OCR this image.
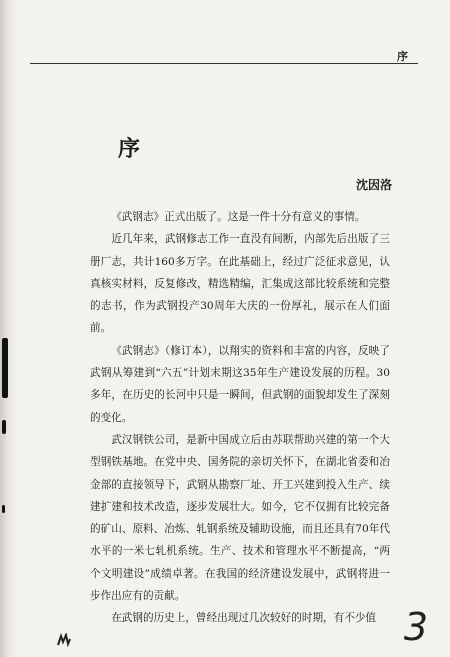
序
序
沈因洛

《武钢志》正式出版了。这是一件十分有意义的事情。

近几年来，武钢修志工作一直没有间断，内部先后出版了三册厂志，共计160多万字。在此基础上，经过广泛征求意见，认真核实材料，反复修改，精选精编，汇集成这部比较系统和完整的志书，作为武钢投产30周年大庆的一份厚礼，展示在人们面前。

《武钢志》（修订本），以翔实的资料和丰富的内容，反映了武钢从筹建到“六五”计划末期这35年生产建设发展的历程。30多年，在历史的长河中只是一瞬间，但武钢的面貌却发生了深刻的变化。

武汉钢铁公司，是新中国成立后由苏联帮助兴建的第一个大型钢铁基地。在党中央、国务院的亲切关怀下，在湖北省委和冶金部的直接领导下，武钢从勘察厂址、开工兴建到投入生产、续建扩建和技术改造，逐步发展壮大。如今，它不仅拥有比较完备的矿山、原料、冶炼、轧钢系统及辅助设施，而且还具有70年代水平的一米七轧机系统。生产、技术和管理水平不断提高，“两个文明建设”成绩卓著。在我国的经济建设发展中，武钢将进一步作出应有的贡献。

在武钢的历史上，曾经出现过几次较好的时期，有不少值 3
